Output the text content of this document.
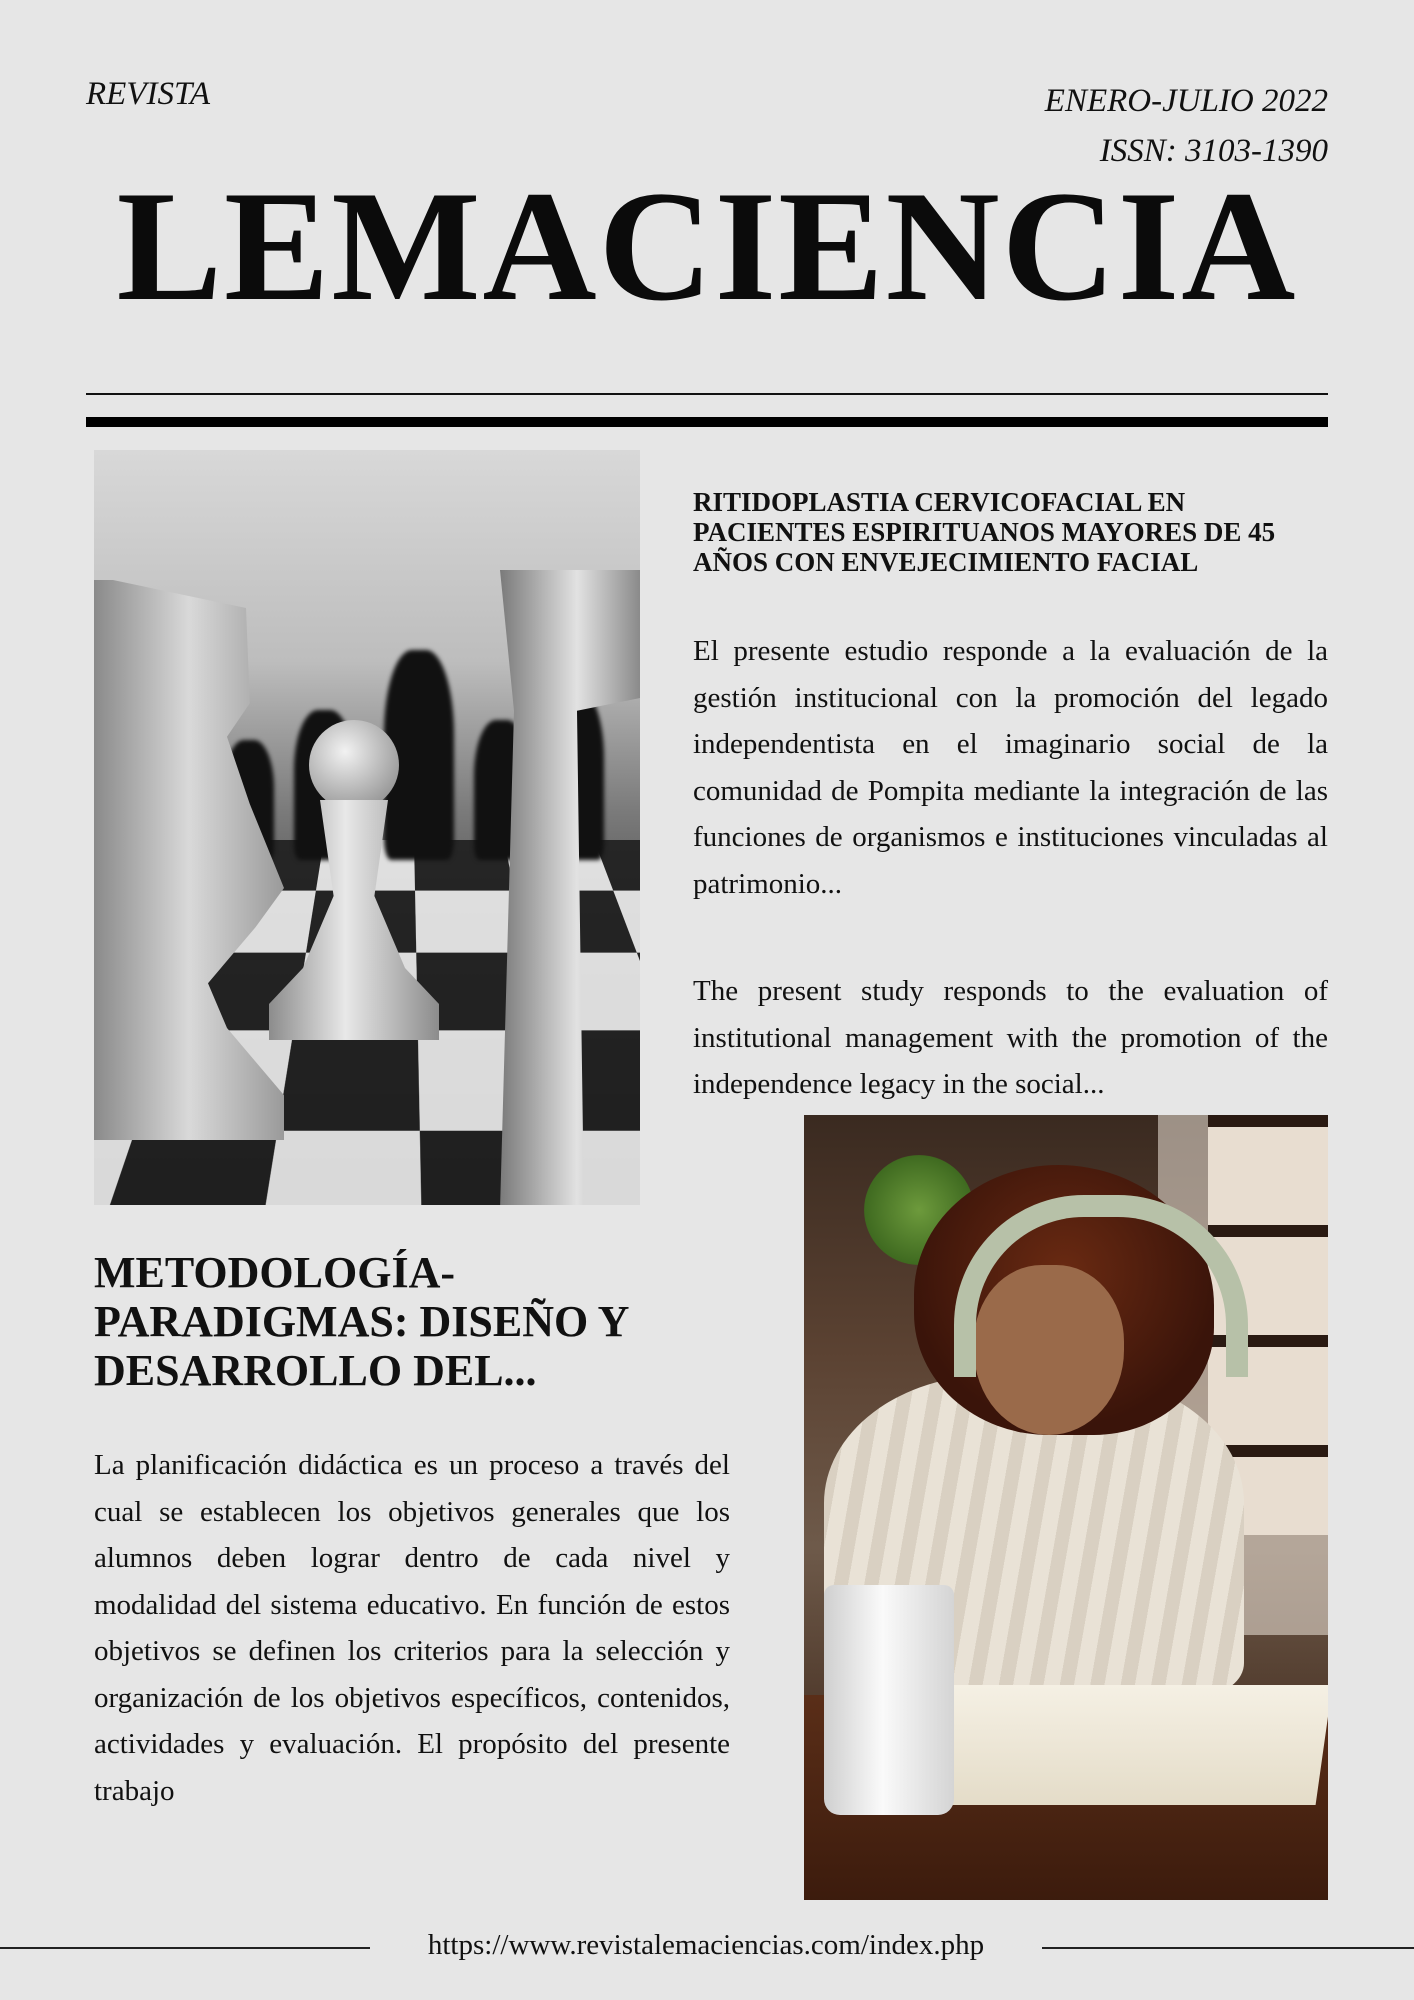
REVISTA	ENERO-JULIO 2022
ISSN: 3103-1390
LEMACIENCIA
RITIDOPLASTIA CERVICOFACIAL EN PACIENTES ESPIRITUANOS MAYORES DE 45 AÑOS CON ENVEJECIMIENTO FACIAL
El presente estudio responde a la evaluación de la gestión institucional con la promoción del legado independentista en el imaginario social de la comunidad de Pompita mediante la integración de las funciones de organismos e instituciones vinculadas al patrimonio...
The present study responds to the evaluation of institutional management with the promotion of the independence legacy in the social...
METODOLOGÍA-PARADIGMAS: DISEÑO Y DESARROLLO DEL...
La planificación didáctica es un proceso a través del cual se establecen los objetivos generales que los alumnos deben lograr dentro de cada nivel y modalidad del sistema educativo. En función de estos objetivos se definen los criterios para la selección y organización de los objetivos específicos, contenidos, actividades y evaluación. El propósito del presente trabajo
https://www.revistalemaciencias.com/index.php
